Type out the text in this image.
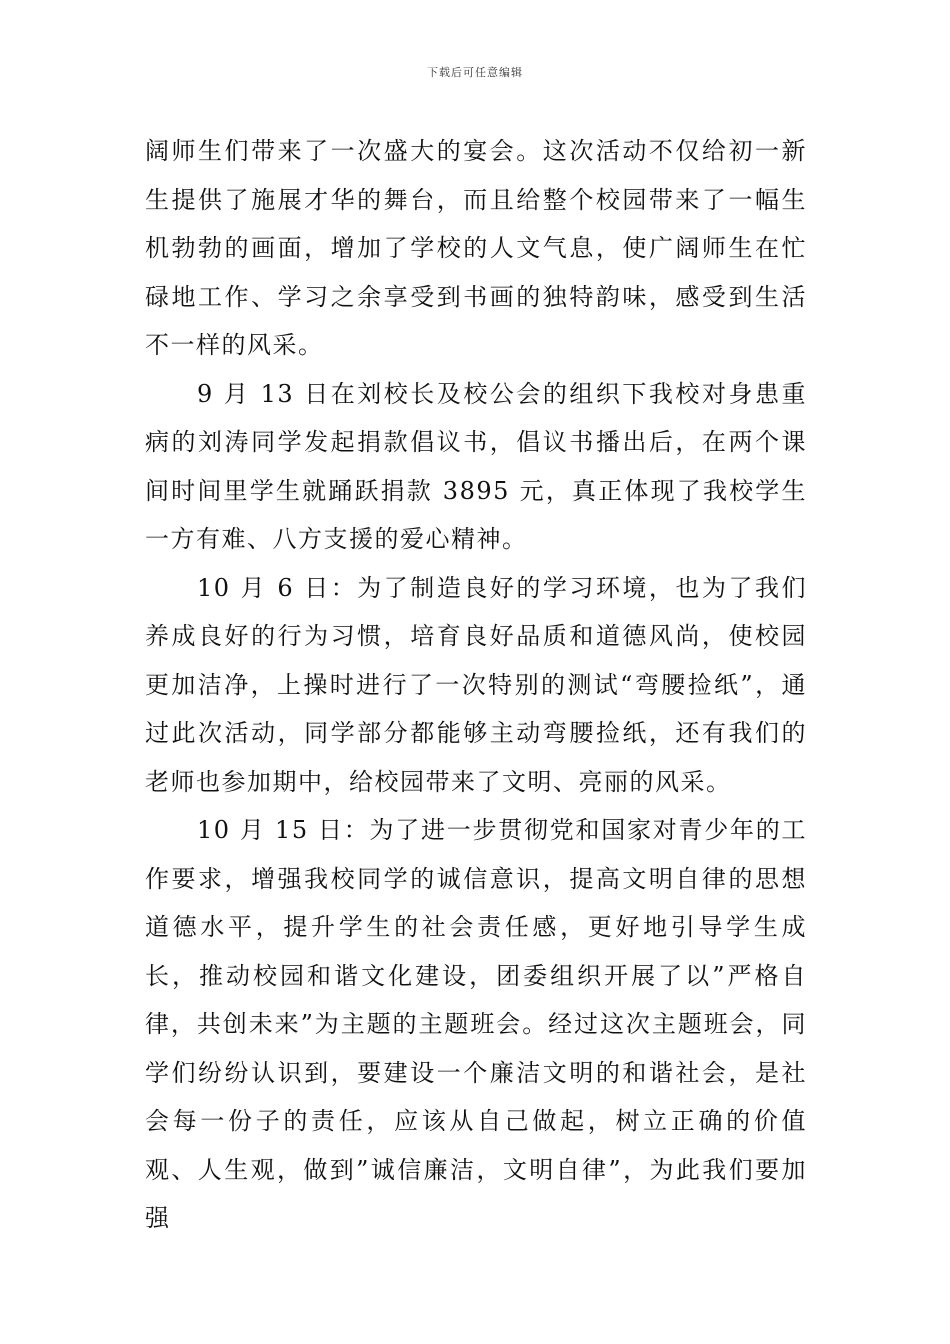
下载后可任意编辑

阔师生们带来了一次盛大的宴会。这次活动不仅给初一新生提供了施展才华的舞台，而且给整个校园带来了一幅生机勃勃的画面，增加了学校的人文气息，使广阔师生在忙碌地工作、学习之余享受到书画的独特韵味，感受到生活不一样的风采。

9 月 13 日在刘校长及校公会的组织下我校对身患重病的刘涛同学发起捐款倡议书，倡议书播出后，在两个课间时间里学生就踊跃捐款 3895 元，真正体现了我校学生一方有难、八方支援的爱心精神。

10 月 6 日：为了制造良好的学习环境，也为了我们养成良好的行为习惯，培育良好品质和道德风尚，使校园更加洁净，上操时进行了一次特别的测试“弯腰捡纸”，通过此次活动，同学部分都能够主动弯腰捡纸，还有我们的老师也参加期中，给校园带来了文明、亮丽的风采。

10 月 15 日：为了进一步贯彻党和国家对青少年的工作要求，增强我校同学的诚信意识，提高文明自律的思想道德水平，提升学生的社会责任感，更好地引导学生成长，推动校园和谐文化建设，团委组织开展了以”严格自律，共创未来”为主题的主题班会。经过这次主题班会，同学们纷纷认识到，要建设一个廉洁文明的和谐社会，是社会每一份子的责任，应该从自己做起，树立正确的价值观、人生观，做到”诚信廉洁，文明自律”，为此我们要加强
